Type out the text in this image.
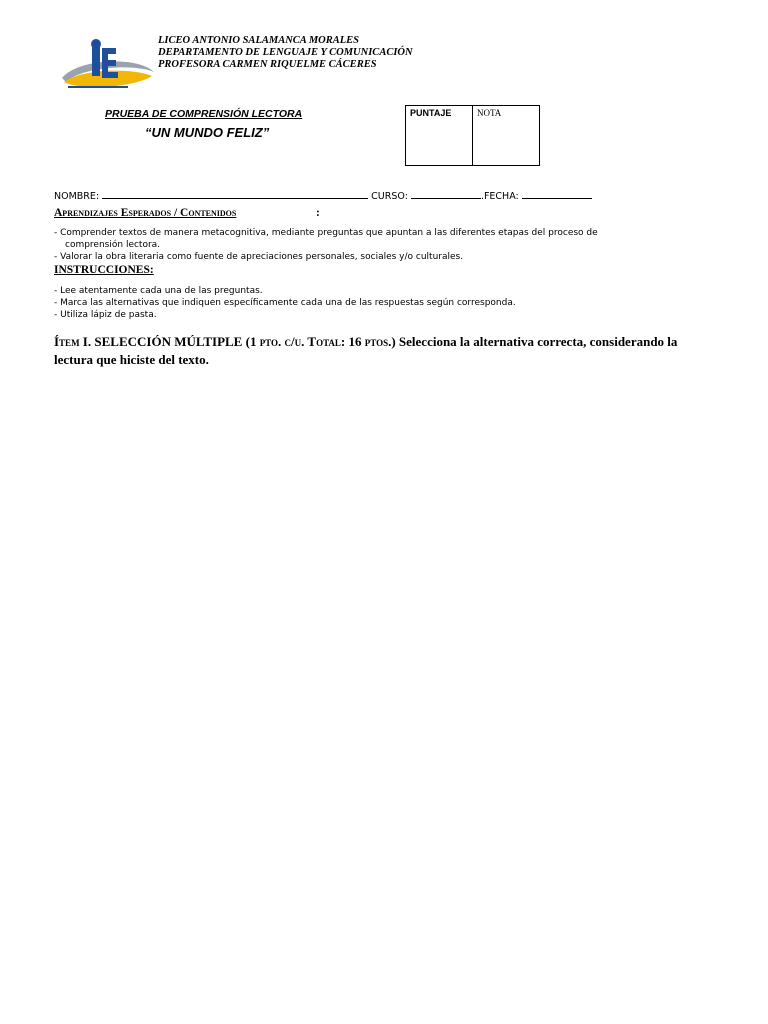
LICEO ANTONIO SALAMANCA MORALES
DEPARTAMENTO DE LENGUAJE Y COMUNICACIÓN
PROFESORA CARMEN RIQUELME CÁCERES
PRUEBA DE COMPRENSIÓN LECTORA
“UN MUNDO FELIZ”
PUNTAJE	NOTA
NOMBRE:	CURSO:	.FECHA:
Aprendizajes Esperados / Contenidos	:
- Comprender textos de manera metacognitiva, mediante preguntas que apuntan a las diferentes etapas del proceso de
comprensión lectora.
- Valorar la obra literaria como fuente de apreciaciones personales, sociales y/o culturales.
INSTRUCCIONES:
- Lee atentamente cada una de las preguntas.
- Marca las alternativas que indiquen específicamente cada una de las respuestas según corresponda.
- Utiliza lápiz de pasta.
Ítem I. SELECCIÓN MÚLTIPLE (1 pto. c/u. Total: 16 ptos.) Selecciona la alternativa correcta, considerando la lectura que hiciste del texto.
